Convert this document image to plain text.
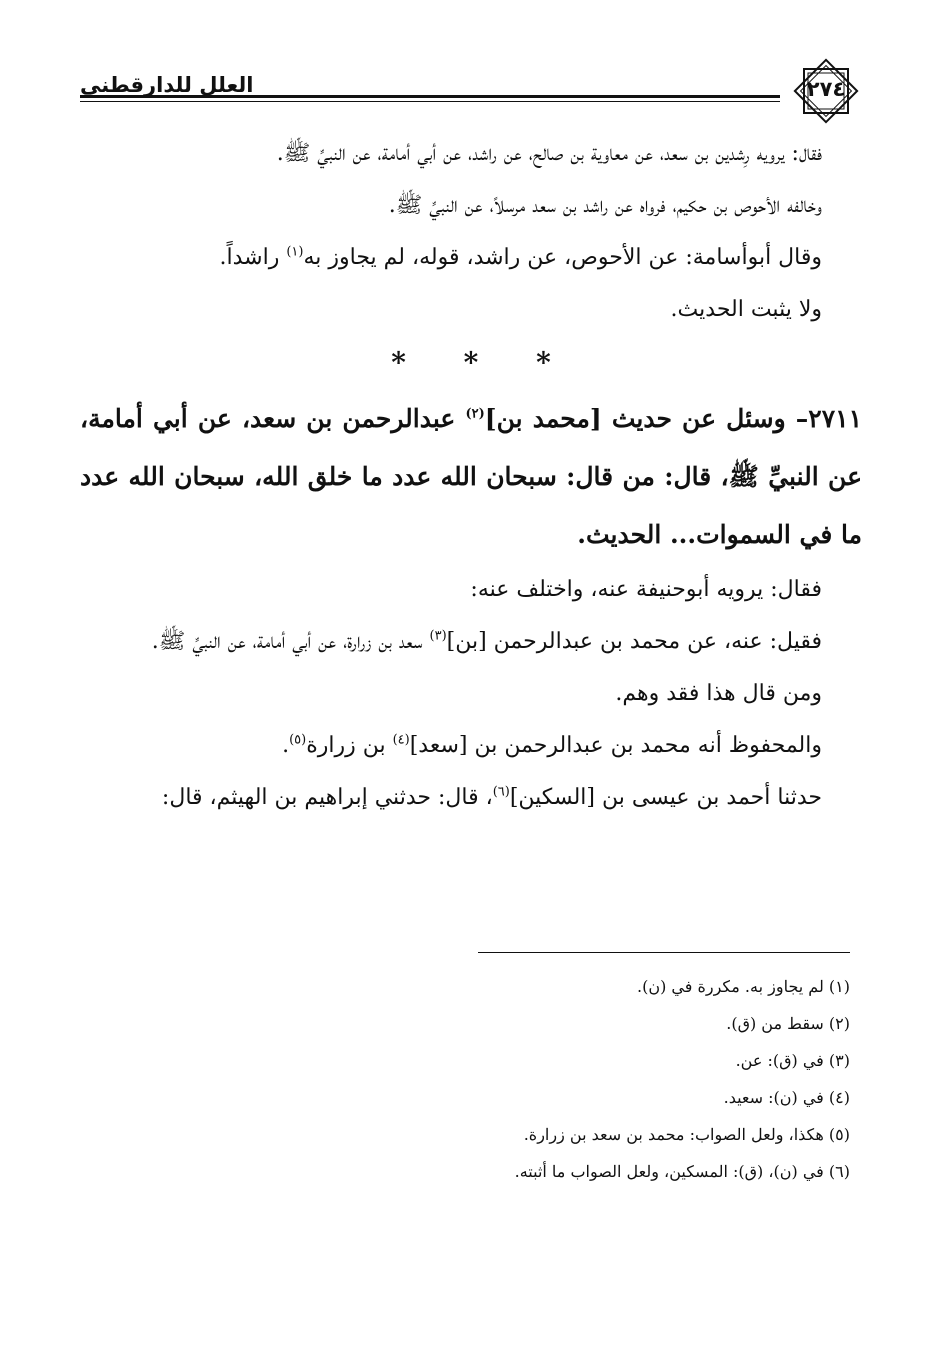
العلل للدارقطني	٢٧٤

فقال: يرويه رِشدين بن سعد، عن معاوية بن صالح، عن راشد، عن أبي أمامة، عن النبيِّ ﷺ.

وخالفه الأحوص بن حكيم، فرواه عن راشد بن سعد مرسلاً، عن النبيِّ ﷺ.

وقال أبوأسامة: عن الأحوص، عن راشد، قوله، لم يجاوز به$^{(١)}$ راشداً.

ولا يثبت الحديث.

* * *

٢٧١١– وسئل عن حديث [محمد بن]$^{(٢)}$ عبدالرحمن بن سعد، عن أبي أمامة، عن النبيِّ ﷺ، قال: من قال: سبحان الله عدد ما خلق الله، سبحان الله عدد ما في السموات... الحديث.

فقال: يرويه أبوحنيفة عنه، واختلف عنه:

فقيل: عنه، عن محمد بن عبدالرحمن [بن]$^{(٣)}$ سعد بن زرارة، عن أبي أمامة، عن النبيِّ ﷺ.

ومن قال هذا فقد وهم.

والمحفوظ أنه محمد بن عبدالرحمن بن [سعد]$^{(٤)}$ بن زرارة$^{(٥)}$.

حدثنا أحمد بن عيسى بن [السكين]$^{(٦)}$، قال: حدثني إبراهيم بن الهيثم، قال:

(١) لم يجاوز به. مكررة في (ن).

(٢) سقط من (ق).

(٣) في (ق): عن.

(٤) في (ن): سعيد.

(٥) هكذا، ولعل الصواب: محمد بن سعد بن زرارة.

(٦) في (ن)، (ق): المسكين، ولعل الصواب ما أثبته.
